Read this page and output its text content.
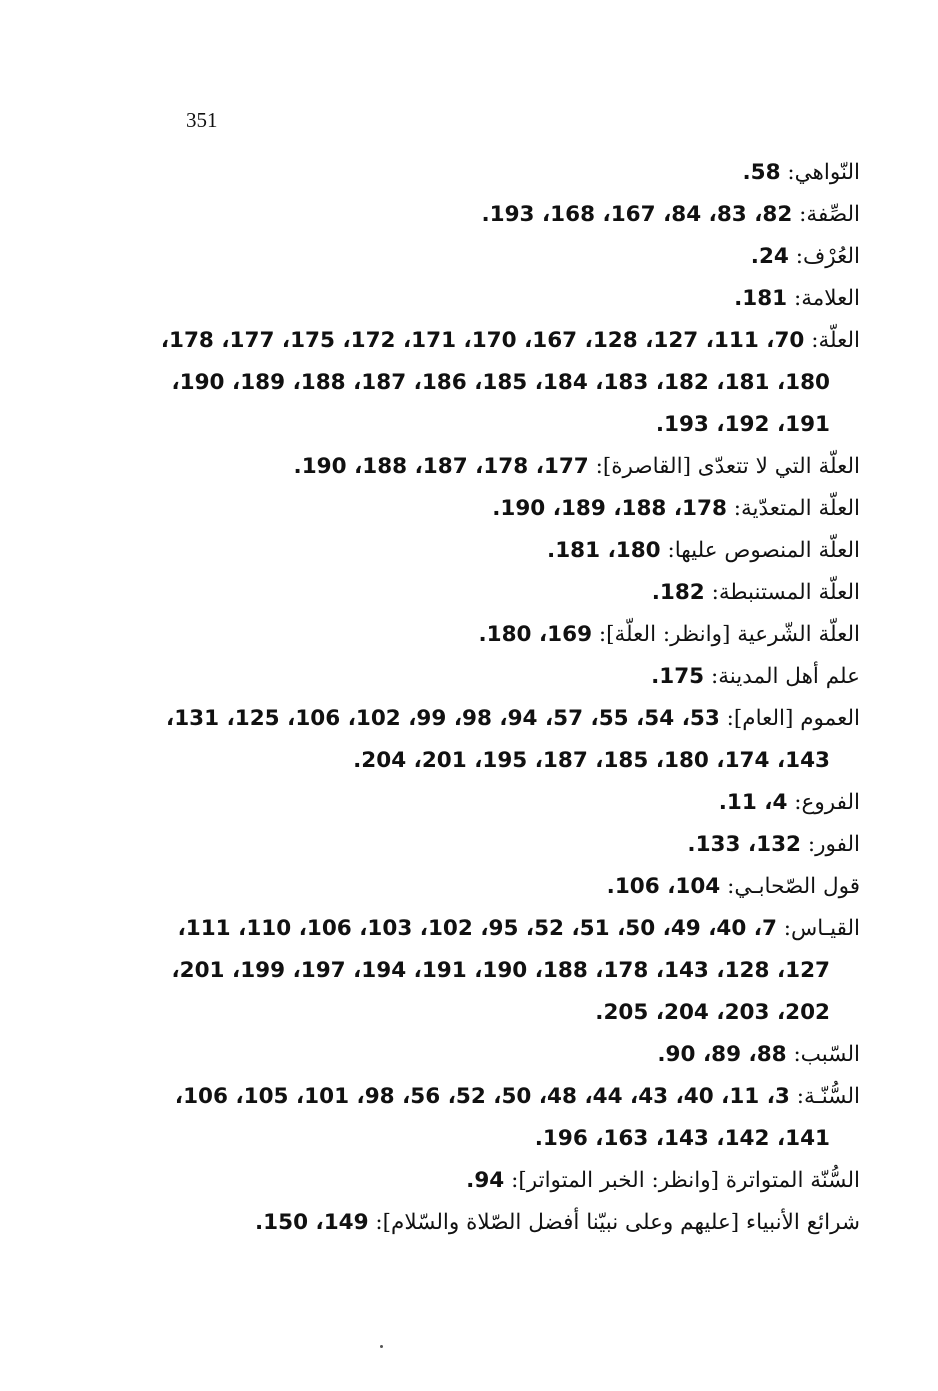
351
النّواهي: 58.
الصِّفة: 82، 83، 84، 167، 168، 193.
العُرْف: 24.
العلامة: 181.
العلّة: 70، 111، 127، 128، 167، 170، 171، 172، 175، 177، 178،
180، 181، 182، 183، 184، 185، 186، 187، 188، 189، 190،
191، 192، 193.
العلّة التي لا تتعدّى [القاصرة]: 177، 178، 187، 188، 190.
العلّة المتعدّية: 178، 188، 189، 190.
العلّة المنصوص عليها: 180، 181.
العلّة المستنبطة: 182.
العلّة الشّرعية [وانظر: العلّة]: 169، 180.
علم أهل المدينة: 175.
العموم [العام]: 53، 54، 55، 57، 94، 98، 99، 102، 106، 125، 131،
143، 174، 180، 185، 187، 195، 201، 204.
الفروع: 4، 11.
الفور: 132، 133.
قول الصّحابـي: 104، 106.
القيـاس: 7، 40، 49، 50، 51، 52، 95، 102، 103، 106، 110، 111،
127، 128، 143، 178، 188، 190، 191، 194، 197، 199، 201،
202، 203، 204، 205.
السّبب: 88، 89، 90.
السُّنّـة: 3، 11، 40، 43، 44، 48، 50، 52، 56، 98، 101، 105، 106،
141، 142، 143، 163، 196.
السُّنّة المتواترة [وانظر: الخبر المتواتر]: 94.
شرائع الأنبياء [عليهم وعلى نبيّنا أفضل الصّلاة والسّلام]: 149، 150.
